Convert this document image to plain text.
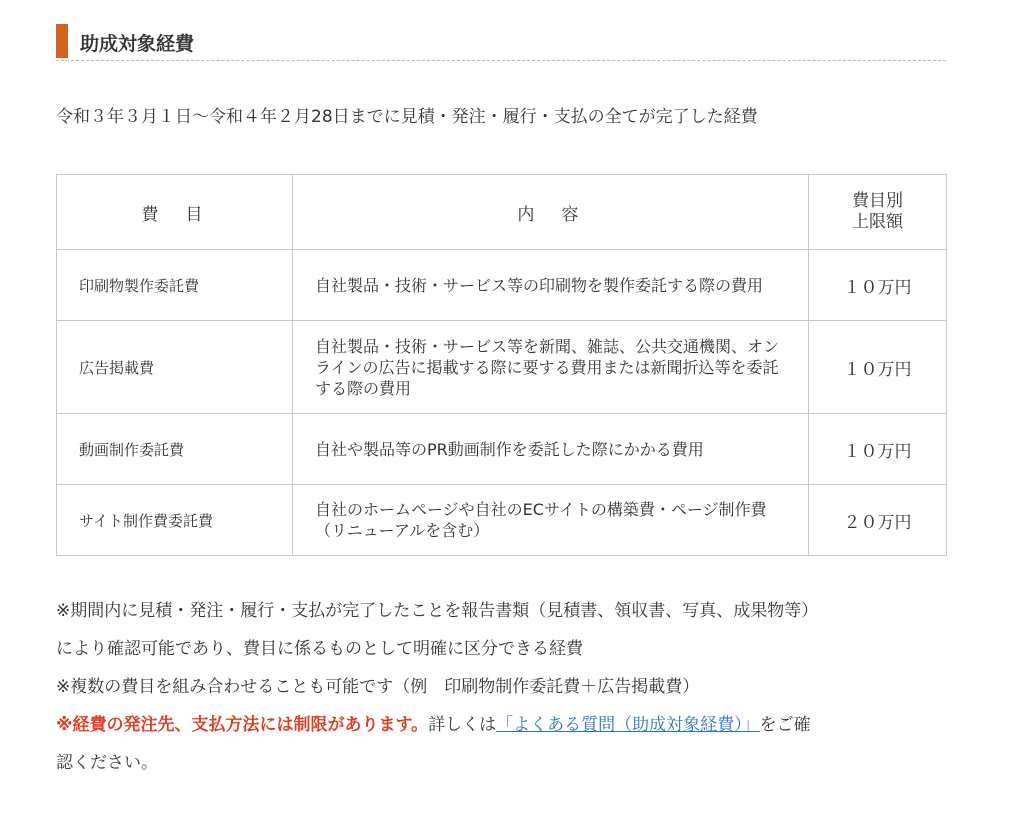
助成対象経費
令和３年３月１日〜令和４年２月28日までに見積・発注・履行・支払の全てが完了した経費
費　目	内　容	費目別
上限額
印刷物製作委託費	自社製品・技術・サービス等の印刷物を製作委託する際の費用	１０万円
広告掲載費	自社製品・技術・サービス等を新聞、雑誌、公共交通機関、オンラインの広告に掲載する際に要する費用または新聞折込等を委託する際の費用	１０万円
動画制作委託費	自社や製品等のPR動画制作を委託した際にかかる費用	１０万円
サイト制作費委託費	自社のホームページや自社のECサイトの構築費・ページ制作費（リニューアルを含む）	２０万円

※期間内に見積・発注・履行・支払が完了したことを報告書類（見積書、領収書、写真、成果物等）

により確認可能であり、費目に係るものとして明確に区分できる経費

※複数の費目を組み合わせることも可能です（例　印刷物制作委託費＋広告掲載費）

※経費の発注先、支払方法には制限があります。詳しくは「よくある質問（助成対象経費）」をご確

認ください。
